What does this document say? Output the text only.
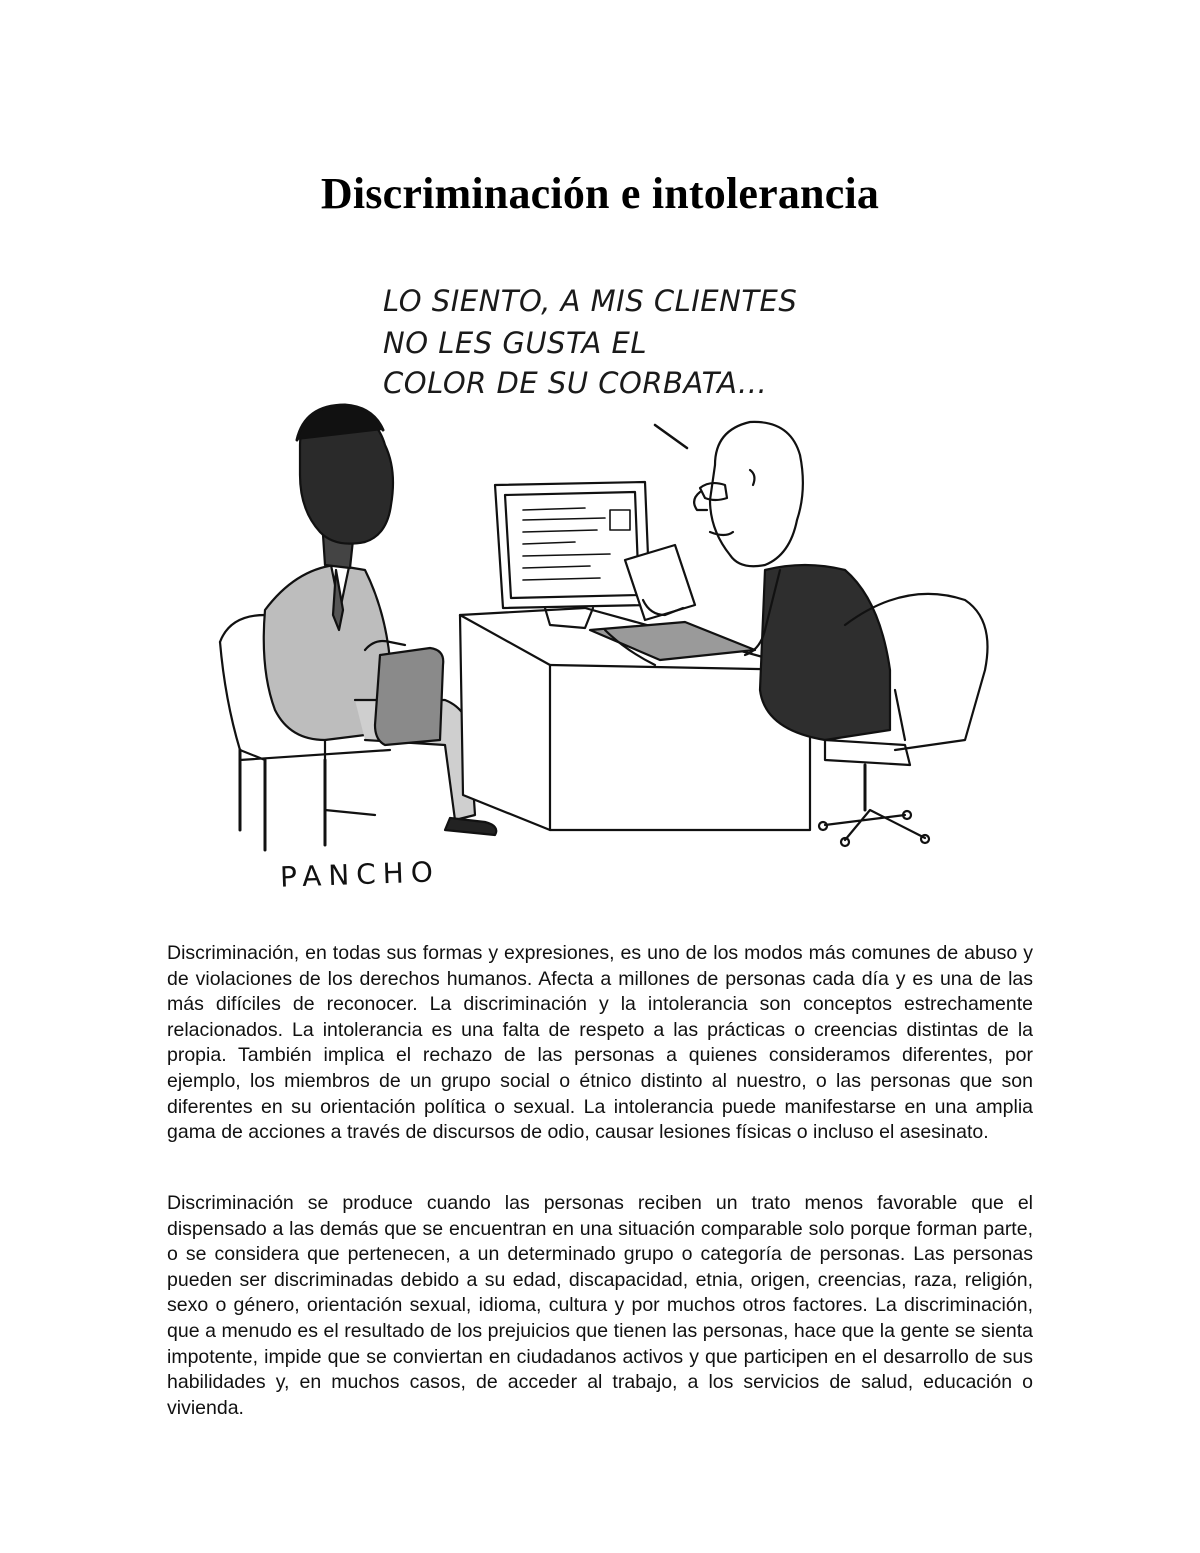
Discriminación e intolerancia
LO SIENTO, A MIS CLIENTES
NO LES GUSTA EL
COLOR DE SU CORBATA...
PANCHO

Discriminación, en todas sus formas y expresiones, es uno de los modos más comunes de abuso y de violaciones de los derechos humanos. Afecta a millones de personas cada día y es una de las más difíciles de reconocer. La discriminación y la intolerancia son conceptos estrechamente relacionados. La intolerancia es una falta de respeto a las prácticas o creencias distintas de la propia. También implica el rechazo de las personas a quienes consideramos diferentes, por ejemplo, los miembros de un grupo social o étnico distinto al nuestro, o las personas que son diferentes en su orientación política o sexual. La intolerancia puede manifestarse en una amplia gama de acciones a través de discursos de odio, causar lesiones físicas o incluso el asesinato.

Discriminación se produce cuando las personas reciben un trato menos favorable que el dispensado a las demás que se encuentran en una situación comparable solo porque forman parte, o se considera que pertenecen, a un determinado grupo o categoría de personas. Las personas pueden ser discriminadas debido a su edad, discapacidad, etnia, origen, creencias, raza, religión, sexo o género, orientación sexual, idioma, cultura y por muchos otros factores. La discriminación, que a menudo es el resultado de los prejuicios que tienen las personas, hace que la gente se sienta impotente, impide que se conviertan en ciudadanos activos y que participen en el desarrollo de sus habilidades y, en muchos casos, de acceder al trabajo, a los servicios de salud, educación o vivienda.
